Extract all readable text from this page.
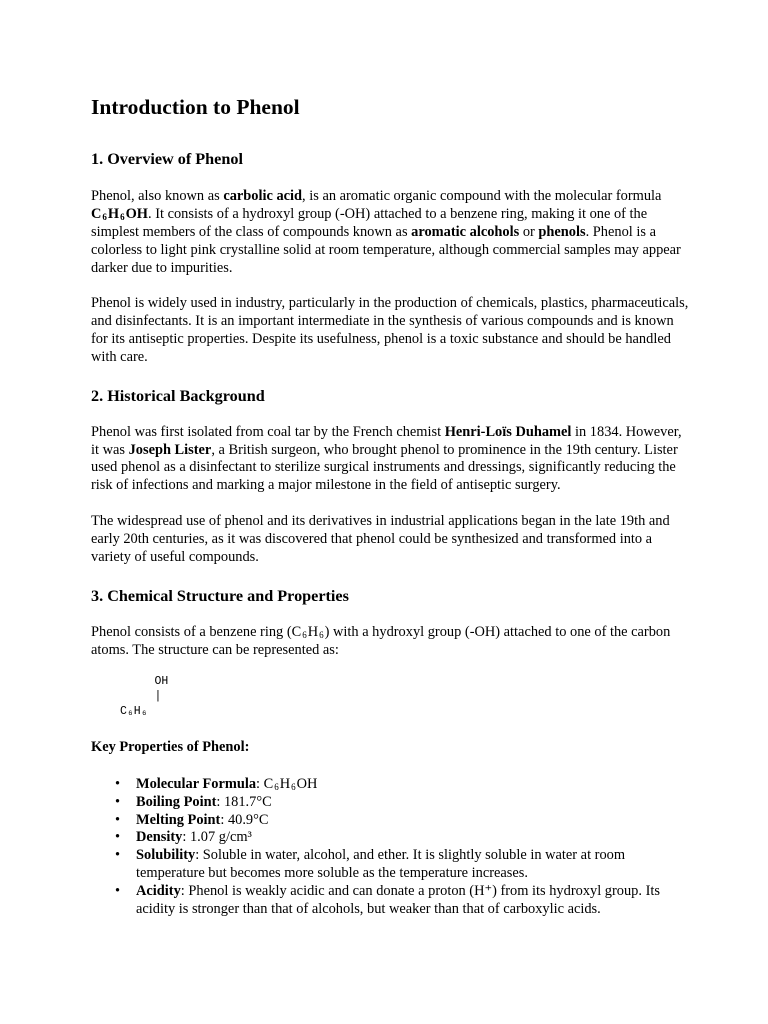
Introduction to Phenol
1. Overview of Phenol

Phenol, also known as carbolic acid, is an aromatic organic compound with the molecular formula $C_6H_6OH$. It consists of a hydroxyl group (-OH) attached to a benzene ring, making it one of the simplest members of the class of compounds known as aromatic alcohols or phenols. Phenol is a colorless to light pink crystalline solid at room temperature, although commercial samples may appear darker due to impurities.

Phenol is widely used in industry, particularly in the production of chemicals, plastics, pharmaceuticals, and disinfectants. It is an important intermediate in the synthesis of various compounds and is known for its antiseptic properties. Despite its usefulness, phenol is a toxic substance and should be handled with care.

2. Historical Background

Phenol was first isolated from coal tar by the French chemist Henri-Loïs Duhamel in 1834. However, it was Joseph Lister, a British surgeon, who brought phenol to prominence in the 19th century. Lister used phenol as a disinfectant to sterilize surgical instruments and dressings, significantly reducing the risk of infections and marking a major milestone in the field of antiseptic surgery.

The widespread use of phenol and its derivatives in industrial applications began in the late 19th and early 20th centuries, as it was discovered that phenol could be synthesized and transformed into a variety of useful compounds.

3. Chemical Structure and Properties

Phenol consists of a benzene ring $(C_6H_6)$ with a hydroxyl group (-OH) attached to one of the carbon atoms. The structure can be represented as:

OH
|
C₆H₆

Key Properties of Phenol:

• Molecular Formula: $C_6H_6OH$
• Boiling Point: 181.7°C
• Melting Point: 40.9°C
• Density: 1.07 g/cm³
• Solubility: Soluble in water, alcohol, and ether. It is slightly soluble in water at room temperature but becomes more soluble as the temperature increases.
• Acidity: Phenol is weakly acidic and can donate a proton (H⁺) from its hydroxyl group. Its acidity is stronger than that of alcohols, but weaker than that of carboxylic acids.
